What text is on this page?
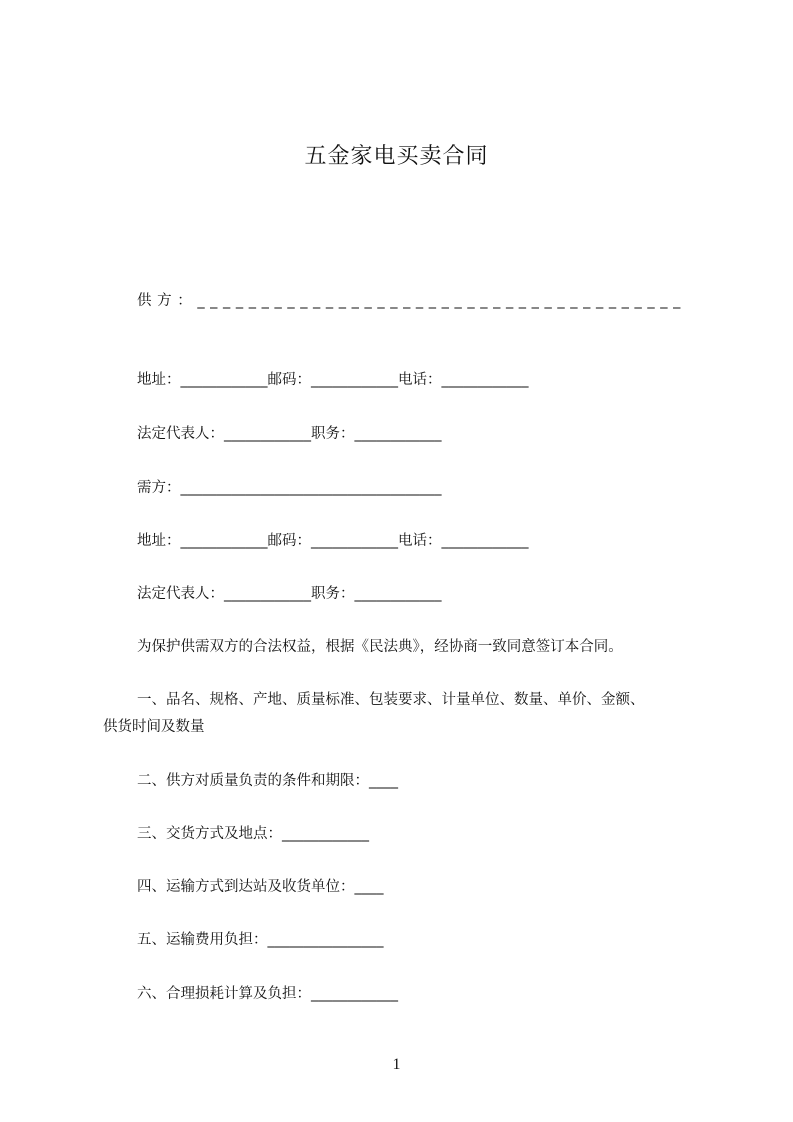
五金家电买卖合同
供 方 ： _ _ _ _ _ _ _ _ _ _ _ _ _ _ _ _ _ _ _ _ _ _ _ _ _ _ _ _ _ _ _ _ _ _ _ _ _ _
地址：____________邮码：____________电话：____________
法定代表人：____________职务：____________
需方：____________________________________
地址：____________邮码：____________电话：____________
法定代表人：____________职务：____________
为保护供需双方的合法权益，根据《民法典》，经协商一致同意签订本合同。
一、品名、规格、产地、质量标准、包装要求、计量单位、数量、单价、金额、
供货时间及数量
二、供方对质量负责的条件和期限：____
三、交货方式及地点：____________
四、运输方式到达站及收货单位：____
五、运输费用负担：________________
六、合理损耗计算及负担：____________
1
